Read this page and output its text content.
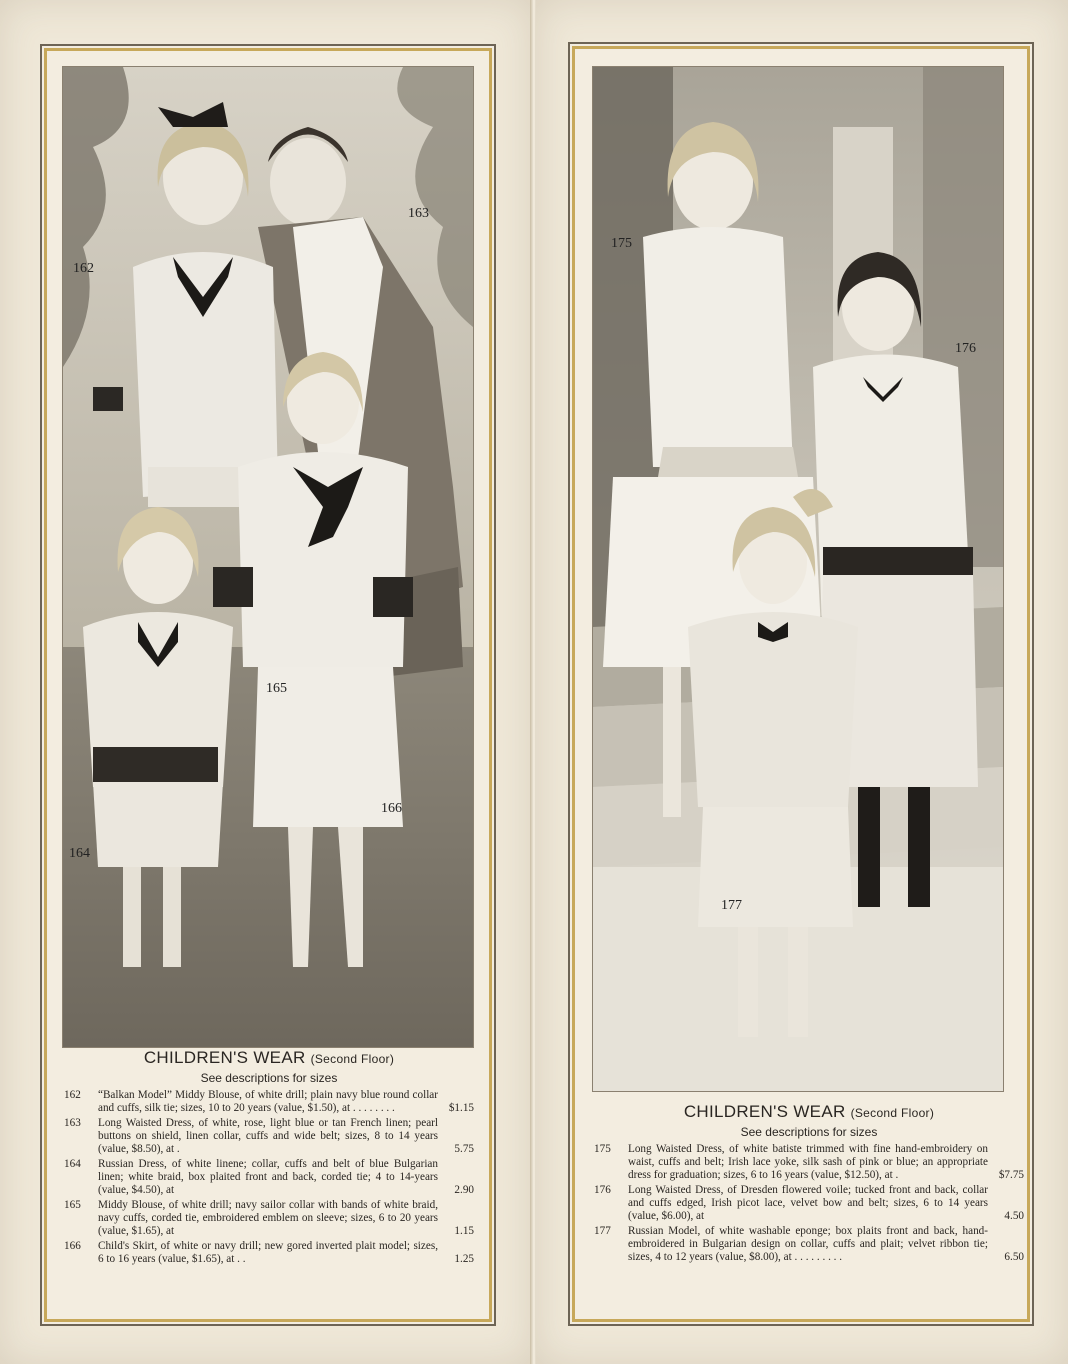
162
163
164
165
166
CHILDREN'S WEAR (Second Floor)
See descriptions for sizes
162	“Balkan Model” Middy Blouse, of white drill; plain navy blue round collar and cuffs, silk tie; sizes, 10 to 20 years (value, $1.50), at . . . . . . . .	$1.15
163	Long Waisted Dress, of white, rose, light blue or tan French linen; pearl buttons on shield, linen collar, cuffs and wide belt; sizes, 8 to 14 years (value, $8.50), at .	5.75
164	Russian Dress, of white linene; collar, cuffs and belt of blue Bulgarian linen; white braid, box plaited front and back, corded tie; 4 to 14-years (value, $4.50), at	2.90
165	Middy Blouse, of white drill; navy sailor collar with bands of white braid, navy cuffs, corded tie, embroidered emblem on sleeve; sizes, 6 to 20 years (value, $1.65), at	1.15
166	Child's Skirt, of white or navy drill; new gored inverted plait model; sizes, 6 to 16 years (value, $1.65), at . .	1.25
175
176
177
CHILDREN'S WEAR (Second Floor)
See descriptions for sizes
175	Long Waisted Dress, of white batiste trimmed with fine hand-embroidery on waist, cuffs and belt; Irish lace yoke, silk sash of pink or blue; an appropriate dress for graduation; sizes, 6 to 16 years (value, $12.50), at .	$7.75
176	Long Waisted Dress, of Dresden flowered voile; tucked front and back, collar and cuffs edged, Irish picot lace, velvet bow and belt; sizes, 6 to 14 years (value, $6.00), at	4.50
177	Russian Model, of white washable eponge; box plaits front and back, hand-embroidered in Bulgarian design on collar, cuffs and plait; velvet ribbon tie; sizes, 4 to 12 years (value, $8.00), at . . . . . . . . .	6.50
